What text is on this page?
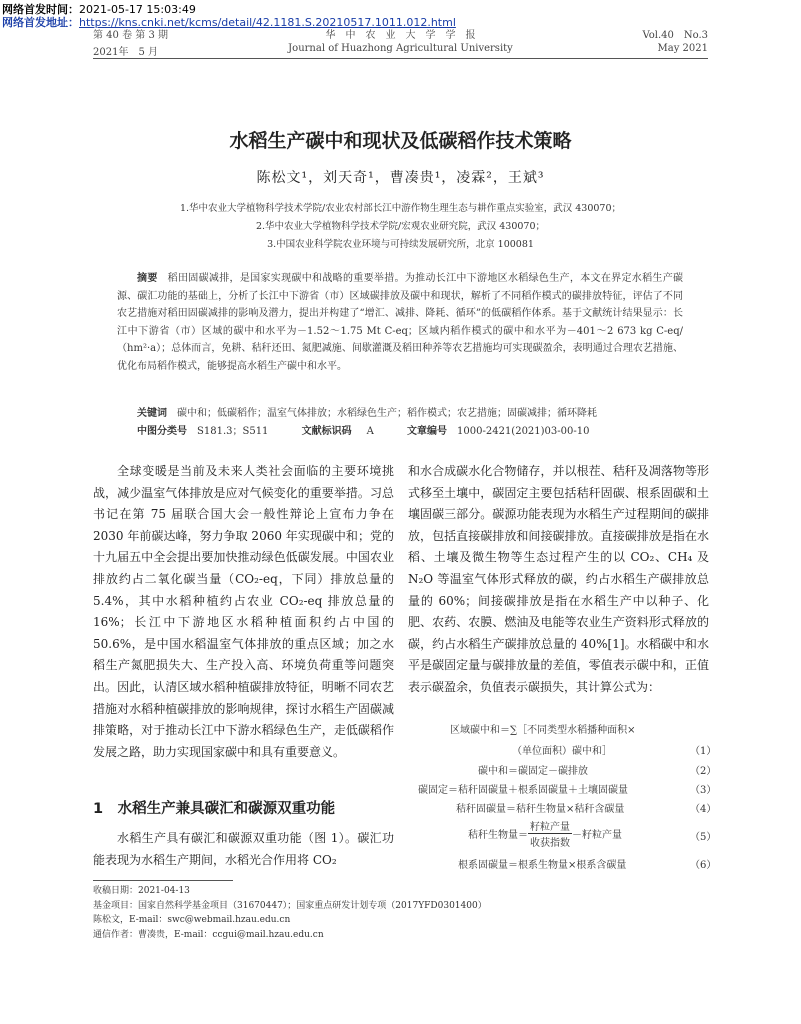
网络首发时间：2021-05-17 15:03:49
网络首发地址：https://kns.cnki.net/kcms/detail/42.1181.S.20210517.1011.012.html
第 40 卷 第 3 期
2021年　5 月
华　中　农　业　大　学　学　报
Journal of Huazhong Agricultural University
Vol.40　No.3
May 2021
水稻生产碳中和现状及低碳稻作技术策略
陈松文¹，刘天奇¹，曹凑贵¹，凌霖²，王斌³
1.华中农业大学植物科学技术学院/农业农村部长江中游作物生理生态与耕作重点实验室，武汉 430070；
2.华中农业大学植物科学技术学院/宏观农业研究院，武汉 430070；
3.中国农业科学院农业环境与可持续发展研究所，北京 100081
摘要 稻田固碳减排，是国家实现碳中和战略的重要举措。为推动长江中下游地区水稻绿色生产，本文在界定水稻生产碳源、碳汇功能的基础上，分析了长江中下游省（市）区域碳排放及碳中和现状，解析了不同稻作模式的碳排放特征，评估了不同农艺措施对稻田固碳减排的影响及潜力，提出并构建了“增汇、减排、降耗、循环”的低碳稻作体系。基于文献统计结果显示：长江中下游省（市）区域的碳中和水平为－1.52～1.75 Mt C-eq；区域内稻作模式的碳中和水平为－401～2 673 kg C-eq/（hm²·a）；总体而言，免耕、秸秆还田、氮肥减施、间歇灌溉及稻田种养等农艺措施均可实现碳盈余，表明通过合理农艺措施、优化布局稻作模式，能够提高水稻生产碳中和水平。
关键词 碳中和；低碳稻作；温室气体排放；水稻绿色生产；稻作模式；农艺措施；固碳减排；循环降耗
中图分类号 S181.3；S511	文献标识码 A	文章编号 1000-2421(2021)03-00-10

全球变暖是当前及未来人类社会面临的主要环境挑战，减少温室气体排放是应对气候变化的重要举措。习总书记在第 75 届联合国大会一般性辩论上宣布力争在 2030 年前碳达峰，努力争取 2060 年实现碳中和；党的十九届五中全会提出要加快推动绿色低碳发展。中国农业排放约占二氧化碳当量（CO₂-eq，下同）排放总量的 5.4%，其中水稻种植约占农业 CO₂-eq 排放总量的 16%；长江中下游地区水稻种植面积约占中国的 50.6%，是中国水稻温室气体排放的重点区域；加之水稻生产氮肥损失大、生产投入高、环境负荷重等问题突出。因此，认清区域水稻种植碳排放特征，明晰不同农艺措施对水稻种植碳排放的影响规律，探讨水稻生产固碳减排策略，对于推动长江中下游水稻绿色生产，走低碳稻作发展之路，助力实现国家碳中和具有重要意义。

1　水稻生产兼具碳汇和碳源双重功能

水稻生产具有碳汇和碳源双重功能（图 1）。碳汇功能表现为水稻生产期间，水稻光合作用将 CO₂

和水合成碳水化合物储存，并以根茬、秸秆及凋落物等形式移至土壤中，碳固定主要包括秸秆固碳、根系固碳和土壤固碳三部分。碳源功能表现为水稻生产过程期间的碳排放，包括直接碳排放和间接碳排放。直接碳排放是指在水稻、土壤及微生物等生态过程产生的以 CO₂、CH₄ 及 N₂O 等温室气体形式释放的碳，约占水稻生产碳排放总量的 60%；间接碳排放是指在水稻生产中以种子、化肥、农药、农膜、燃油及电能等农业生产资料形式释放的碳，约占水稻生产碳排放总量的 40%[1]。水稻碳中和水平是碳固定量与碳排放量的差值，零值表示碳中和，正值表示碳盈余，负值表示碳损失，其计算公式为：

区域碳中和＝∑［不同类型水稻播种面积×
（单位面积）碳中和］	（1）
碳中和＝碳固定－碳排放	（2）
碳固定＝秸秆固碳量＋根系固碳量＋土壤固碳量	（3）
秸秆固碳量＝秸秆生物量×秸秆含碳量	（4）
秸秆生物量＝ $\frac{\text{籽粒产量}}{\text{收获指数}}$ －籽粒产量	（5）
根系固碳量＝根系生物量×根系含碳量	（6）
收稿日期：2021-04-13
基金项目：国家自然科学基金项目（31670447）；国家重点研发计划专项（2017YFD0301400）
陈松文，E-mail：swc@webmail.hzau.edu.cn
通信作者：曹凑贵，E-mail：ccgui@mail.hzau.edu.cn
